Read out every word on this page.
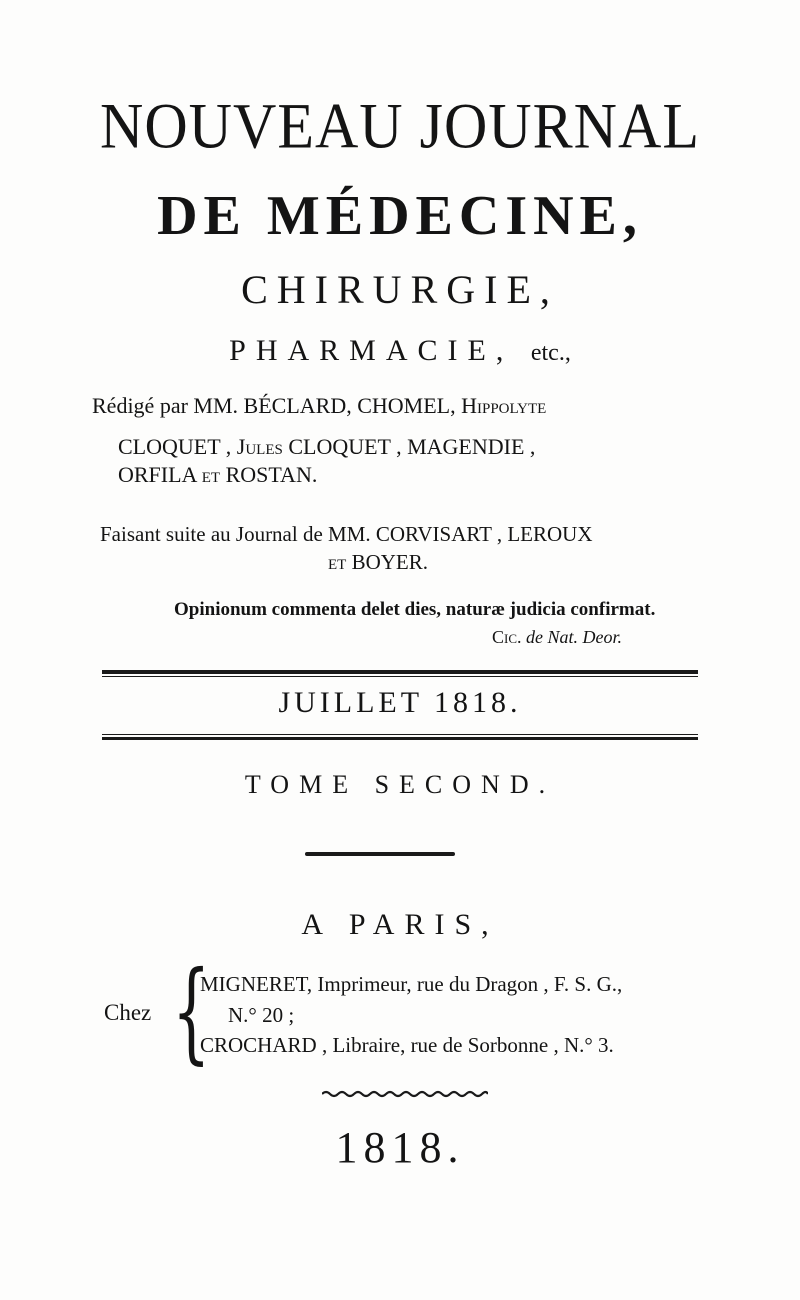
NOUVEAU JOURNAL
DE MÉDECINE,
CHIRURGIE,
PHARMACIE, etc.,
Rédigé par MM. BÉCLARD, CHOMEL, Hippolyte
CLOQUET , Jules CLOQUET , MAGENDIE ,
ORFILA et ROSTAN.
Faisant suite au Journal de MM. CORVISART , LEROUX
et BOYER.
Opinionum commenta delet dies, naturæ judicia confirmat.
Cic. de Nat. Deor.
JUILLET 1818.
TOME SECOND.
A PARIS,
Chez {
MIGNERET, Imprimeur, rue du Dragon , F. S. G.,
N.° 20 ;
CROCHARD , Libraire, rue de Sorbonne , N.° 3.
1818.
